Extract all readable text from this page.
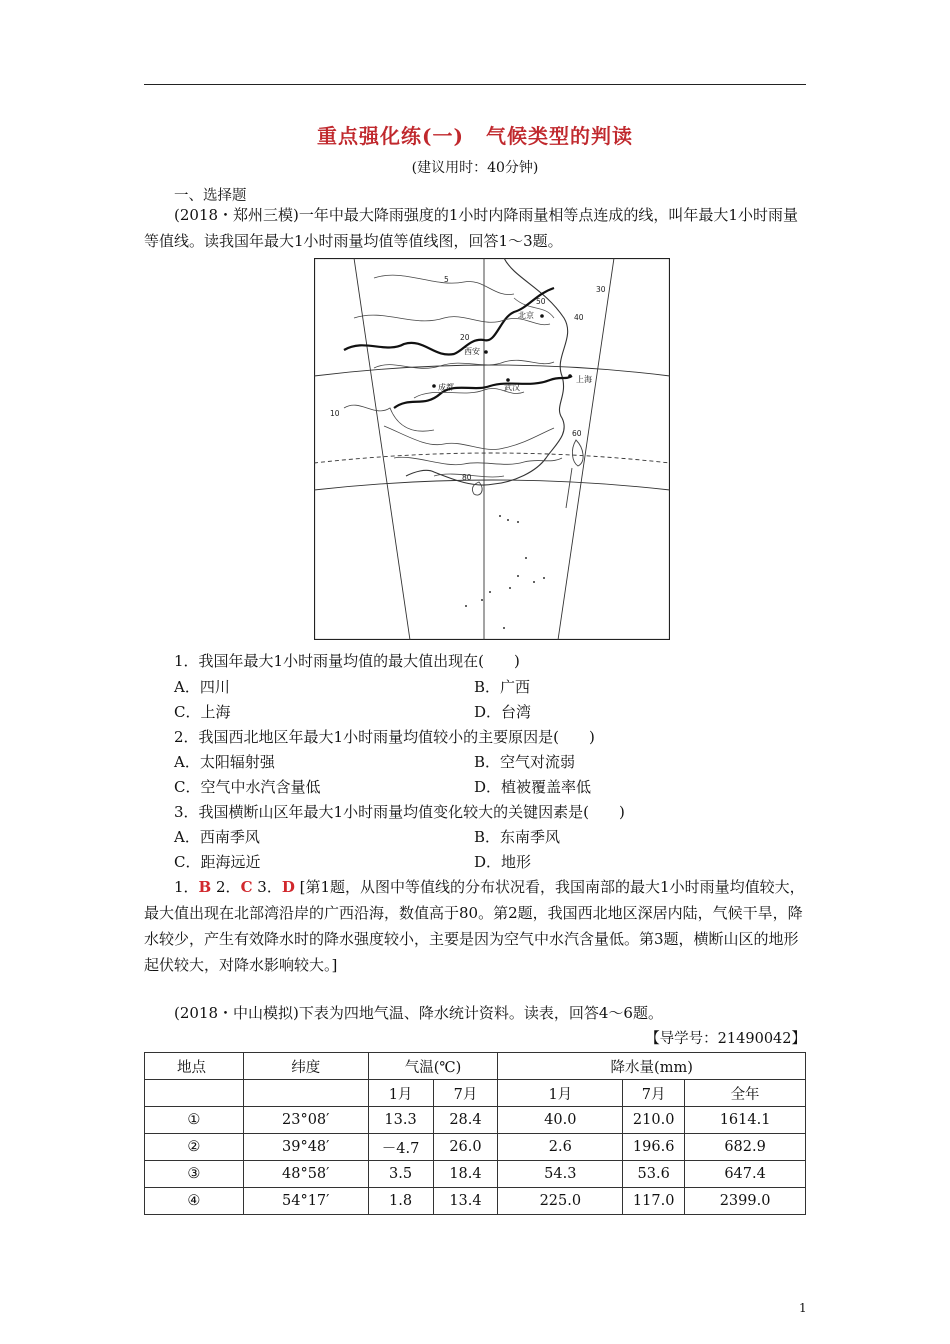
重点强化练(一) 气候类型的判读
(建议用时：40分钟)
一、选择题
(2018・郑州三模)一年中最大降雨强度的1小时内降雨量相等点连成的线，叫年最大1小时雨量等值线。读我国年最大1小时雨量均值等值线图，回答1～3题。
北京
西安
成都	武汉
上海
5
10
20
30
40
50
60
80
1．我国年最大1小时雨量均值的最大值出现在(　　)
A．四川	B．广西
C．上海	D．台湾
2．我国西北地区年最大1小时雨量均值较小的主要原因是(　　)
A．太阳辐射强	B．空气对流弱
C．空气中水汽含量低	D．植被覆盖率低
3．我国横断山区年最大1小时雨量均值变化较大的关键因素是(　　)
A．西南季风	B．东南季风
C．距海远近	D．地形
1．B 2．C 3．D [第1题，从图中等值线的分布状况看，我国南部的最大1小时雨量均值较大，最大值出现在北部湾沿岸的广西沿海，数值高于80。第2题，我国西北地区深居内陆，气候干旱，降水较少，产生有效降水时的降水强度较小，主要是因为空气中水汽含量低。第3题，横断山区的地形起伏较大，对降水影响较大。]
(2018・中山模拟)下表为四地气温、降水统计资料。读表，回答4～6题。
【导学号：21490042】
地点	纬度	气温(℃)		降水量(mm)		
		1月	7月	1月	7月	全年
①	23°08′	13.3	28.4	40.0	210.0	1614.1
②	39°48′	－4.7	26.0	2.6	196.6	682.9
③	48°58′	3.5	18.4	54.3	53.6	647.4
④	54°17′	1.8	13.4	225.0	117.0	2399.0
1
